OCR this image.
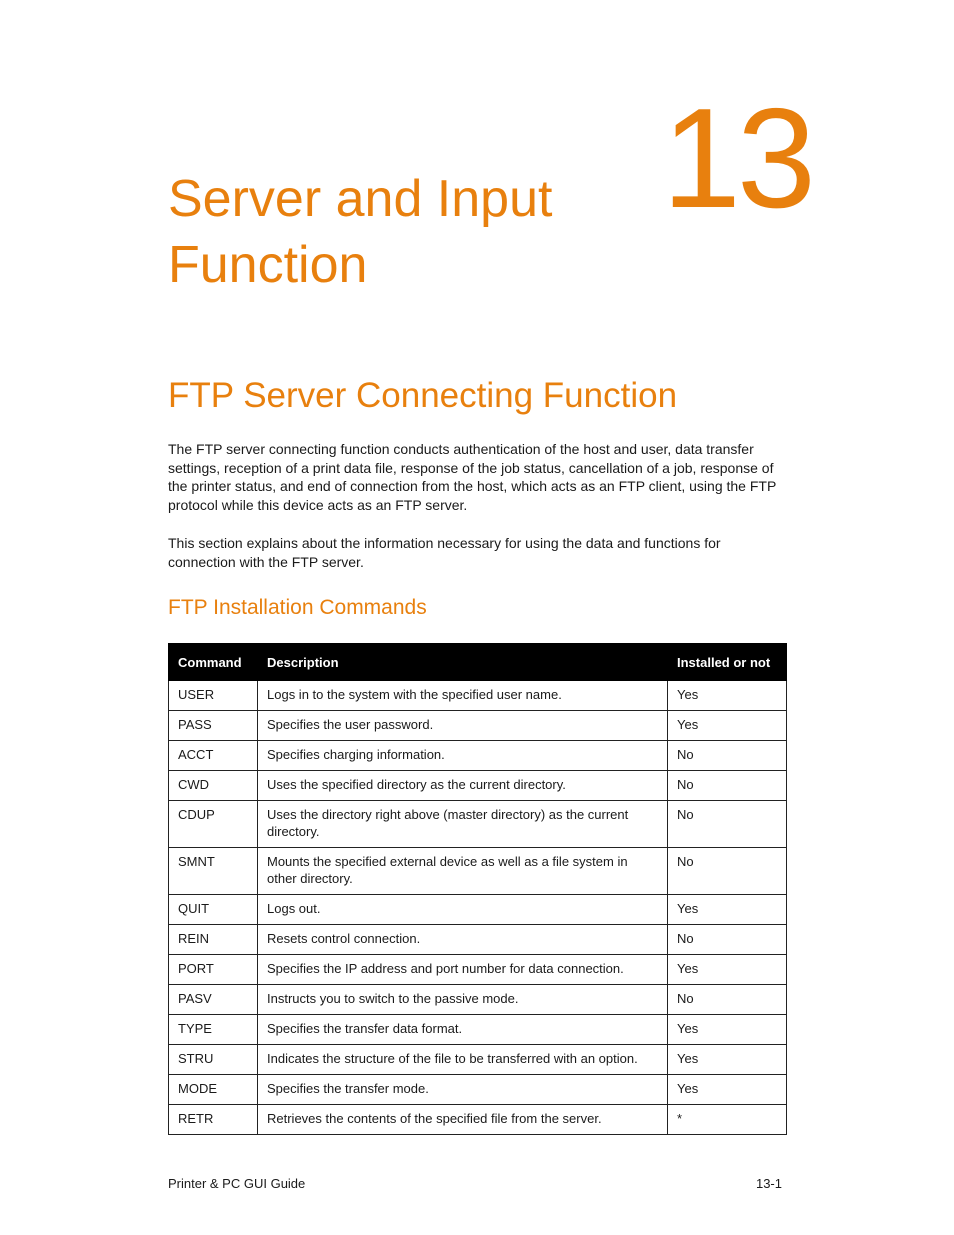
13
Server and Input Function
FTP Server Connecting Function

The FTP server connecting function conducts authentication of the host and user, data transfer settings, reception of a print data file, response of the job status, cancellation of a job, response of the printer status, and end of connection from the host, which acts as an FTP client, using the FTP protocol while this device acts as an FTP server.

This section explains about the information necessary for using the data and functions for connection with the FTP server.

FTP Installation Commands
Command	Description	Installed or not
USER	Logs in to the system with the specified user name.	Yes
PASS	Specifies the user password.	Yes
ACCT	Specifies charging information.	No
CWD	Uses the specified directory as the current directory.	No
CDUP	Uses the directory right above (master directory) as the current directory.	No
SMNT	Mounts the specified external device as well as a file system in other directory.	No
QUIT	Logs out.	Yes
REIN	Resets control connection.	No
PORT	Specifies the IP address and port number for data connection.	Yes
PASV	Instructs you to switch to the passive mode.	No
TYPE	Specifies the transfer data format.	Yes
STRU	Indicates the structure of the file to be transferred with an option.	Yes
MODE	Specifies the transfer mode.	Yes
RETR	Retrieves the contents of the specified file from the server.	*
Printer & PC GUI Guide	13-1
